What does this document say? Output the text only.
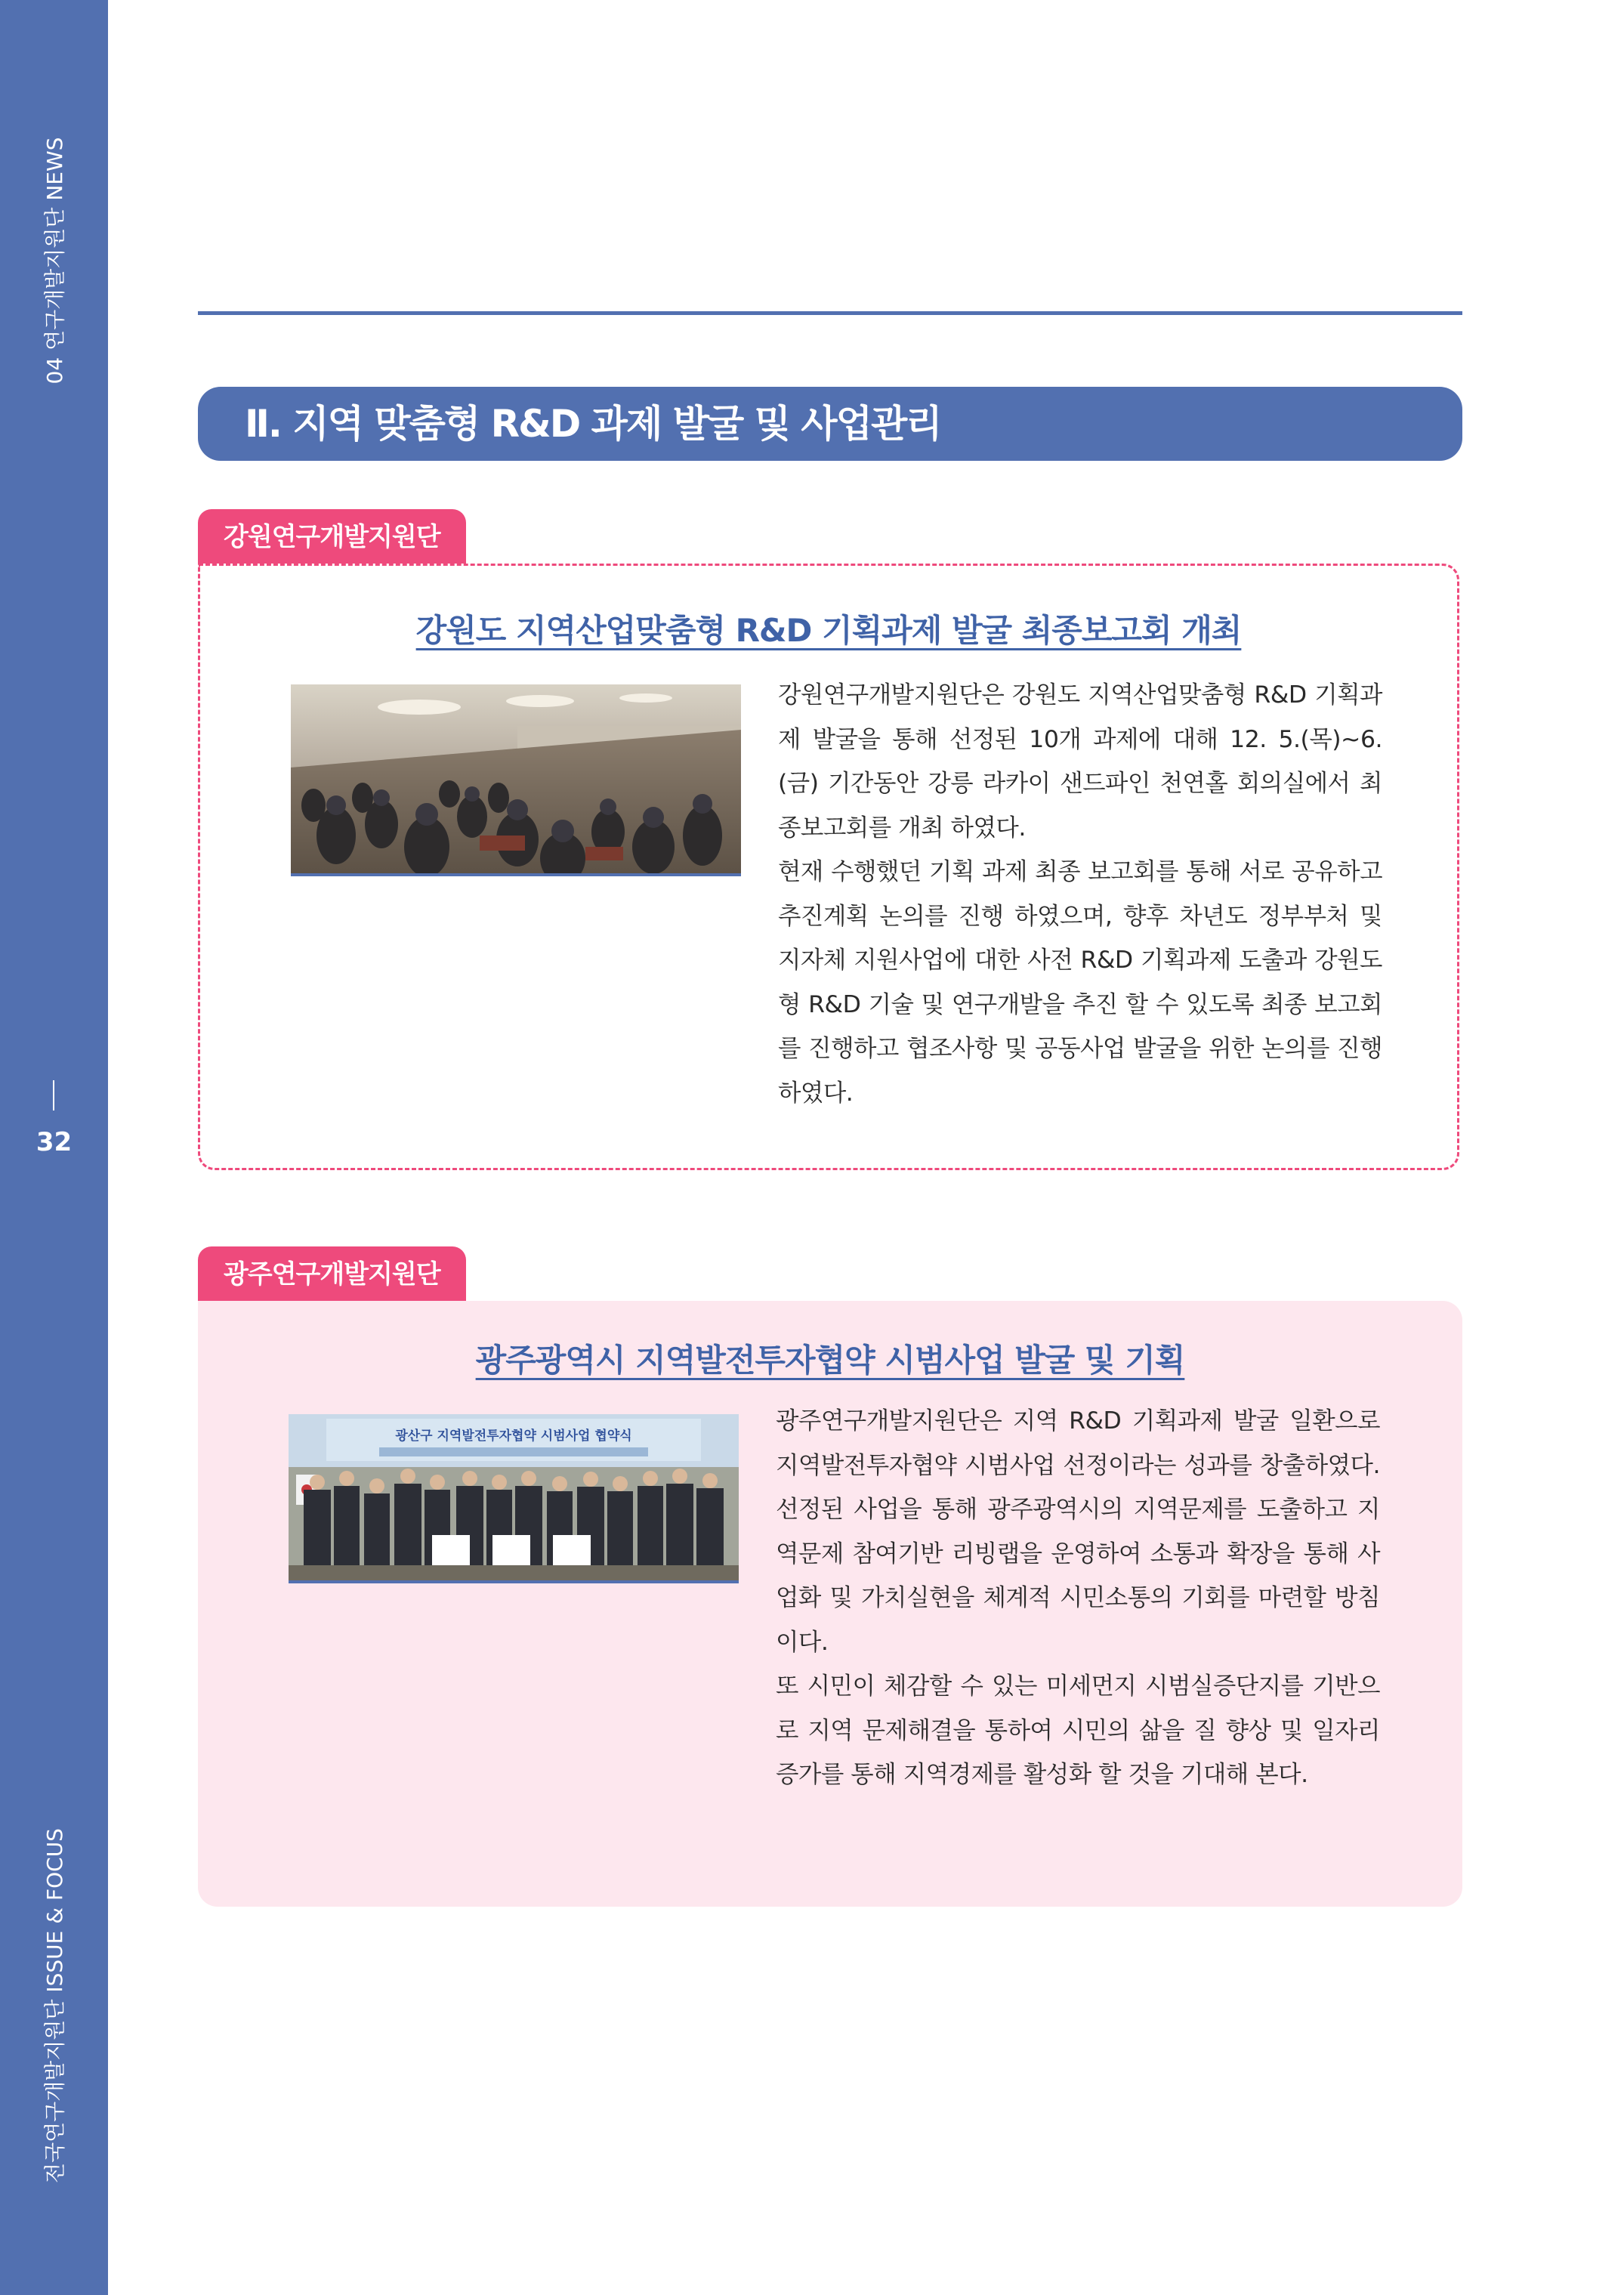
04 연구개발지원단 NEWS
32
전국연구개발지원단 ISSUE & FOCUS
Ⅱ. 지역 맞춤형 R&D 과제 발굴 및 사업관리
강원연구개발지원단
강원도 지역산업맞춤형 R&D 기획과제 발굴 최종보고회 개최

강원연구개발지원단은 강원도 지역산업맞춤형 R&D 기획과제 발굴을 통해 선정된 10개 과제에 대해 12. 5.(목)~6.(금) 기간동안 강릉 라카이 샌드파인 천연홀 회의실에서 최종보고회를 개최 하였다.

현재 수행했던 기획 과제 최종 보고회를 통해 서로 공유하고 추진계획 논의를 진행 하였으며, 향후 차년도 정부부처 및 지자체 지원사업에 대한 사전 R&D 기획과제 도출과 강원도형 R&D 기술 및 연구개발을 추진 할 수 있도록 최종 보고회를 진행하고 협조사항 및 공동사업 발굴을 위한 논의를 진행하였다.

광주연구개발지원단
광주광역시 지역발전투자협약 시범사업 발굴 및 기획
광산구 지역발전투자협약 시범사업 협약식

광주연구개발지원단은 지역 R&D 기획과제 발굴 일환으로 지역발전투자협약 시범사업 선정이라는 성과를 창출하였다. 선정된 사업을 통해 광주광역시의 지역문제를 도출하고 지역문제 참여기반 리빙랩을 운영하여 소통과 확장을 통해 사업화 및 가치실현을 체계적 시민소통의 기회를 마련할 방침이다.

또 시민이 체감할 수 있는 미세먼지 시범실증단지를 기반으로 지역 문제해결을 통하여 시민의 삶을 질 향상 및 일자리 증가를 통해 지역경제를 활성화 할 것을 기대해 본다.
